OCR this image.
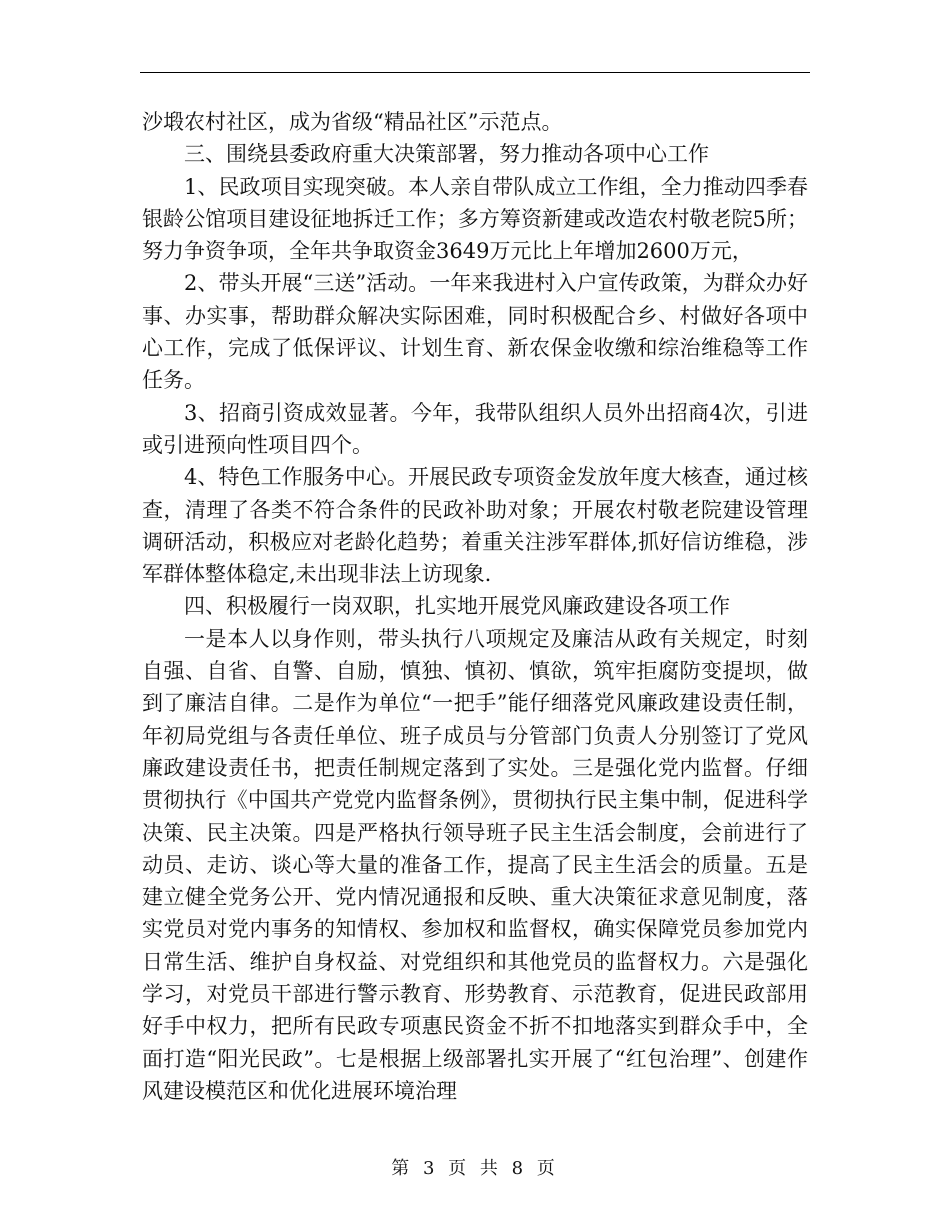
沙塅农村社区，成为省级“精品社区”示范点。

三、围绕县委政府重大决策部署，努力推动各项中心工作

1、民政项目实现突破。本人亲自带队成立工作组，全力推动四季春银龄公馆项目建设征地拆迁工作；多方筹资新建或改造农村敬老院5所；努力争资争项，全年共争取资金3649万元比上年增加2600万元，

2、带头开展“三送”活动。一年来我进村入户宣传政策，为群众办好事、办实事，帮助群众解决实际困难，同时积极配合乡、村做好各项中心工作，完成了低保评议、计划生育、新农保金收缴和综治维稳等工作任务。

3、招商引资成效显著。今年，我带队组织人员外出招商4次，引进或引进预向性项目四个。

4、特色工作服务中心。开展民政专项资金发放年度大核查，通过核查，清理了各类不符合条件的民政补助对象；开展农村敬老院建设管理调研活动，积极应对老龄化趋势；着重关注涉军群体,抓好信访维稳，涉军群体整体稳定,未出现非法上访现象.

四、积极履行一岗双职，扎实地开展党风廉政建设各项工作

一是本人以身作则，带头执行八项规定及廉洁从政有关规定，时刻自强、自省、自警、自励，慎独、慎初、慎欲，筑牢拒腐防变提坝，做到了廉洁自律。二是作为单位“一把手”能仔细落党风廉政建设责任制，年初局党组与各责任单位、班子成员与分管部门负责人分别签订了党风廉政建设责任书，把责任制规定落到了实处。三是强化党内监督。仔细贯彻执行《中国共产党党内监督条例》，贯彻执行民主集中制，促进科学决策、民主决策。四是严格执行领导班子民主生活会制度，会前进行了动员、走访、谈心等大量的准备工作，提高了民主生活会的质量。五是建立健全党务公开、党内情况通报和反映、重大决策征求意见制度，落实党员对党内事务的知情权、参加权和监督权，确实保障党员参加党内日常生活、维护自身权益、对党组织和其他党员的监督权力。六是强化学习，对党员干部进行警示教育、形势教育、示范教育，促进民政部用好手中权力，把所有民政专项惠民资金不折不扣地落实到群众手中，全面打造“阳光民政”。七是根据上级部署扎实开展了“红包治理”、创建作风建设模范区和优化进展环境治理

第 3 页 共 8 页
